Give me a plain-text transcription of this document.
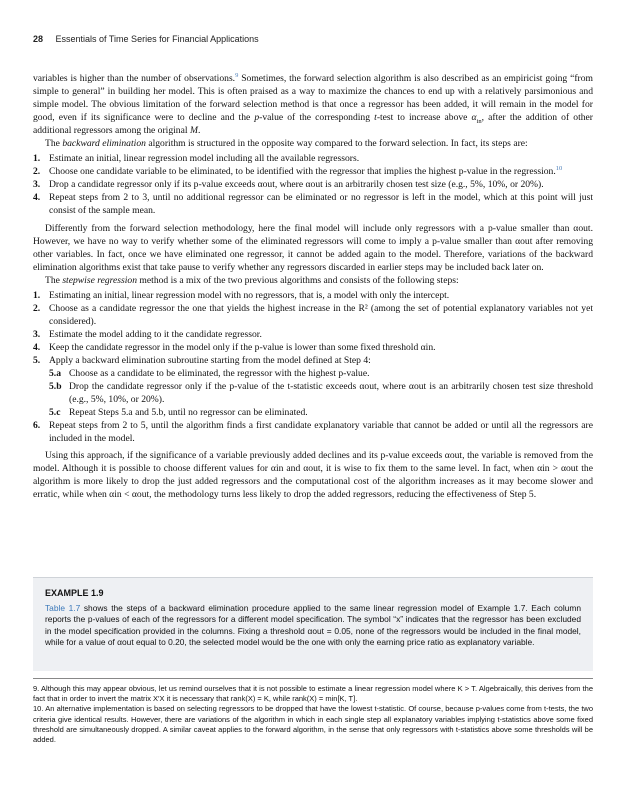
28 Essentials of Time Series for Financial Applications

variables is higher than the number of observations.$^9$ Sometimes, the forward selection algorithm is also described as an empiricist going “from simple to general” in building her model. This is often praised as a way to maximize the chances to end up with a relatively parsimonious and simple model. The obvious limitation of the forward selection method is that once a regressor has been added, it will remain in the model for good, even if its significance were to decline and the p-value of the corresponding t-test to increase above $\alpha_{in}$, after the addition of other additional regressors among the original M.

The backward elimination algorithm is structured in the opposite way compared to the forward selection. In fact, its steps are:

1. Estimate an initial, linear regression model including all the available regressors.
2. Choose one candidate variable to be eliminated, to be identified with the regressor that implies the highest p-value in the regression.$^{10}$
3. Drop a candidate regressor only if its p-value exceeds αout, where αout is an arbitrarily chosen test size (e.g., 5%, 10%, or 20%).
4. Repeat steps from 2 to 3, until no additional regressor can be eliminated or no regressor is left in the model, which at this point will just consist of the sample mean.

Differently from the forward selection methodology, here the final model will include only regressors with a p-value smaller than αout. However, we have no way to verify whether some of the eliminated regressors will come to imply a p-value smaller than αout after removing other variables. In fact, once we have eliminated one regressor, it cannot be added again to the model. Therefore, variations of the backward elimination algorithms exist that take pause to verify whether any regressors discarded in earlier steps may be included back later on.

The stepwise regression method is a mix of the two previous algorithms and consists of the following steps:

1. Estimating an initial, linear regression model with no regressors, that is, a model with only the intercept.
2. Choose as a candidate regressor the one that yields the highest increase in the R² (among the set of potential explanatory variables not yet considered).
3. Estimate the model adding to it the candidate regressor.
4. Keep the candidate regressor in the model only if the p-value is lower than some fixed threshold αin.
5. Apply a backward elimination subroutine starting from the model defined at Step 4:
5.a Choose as a candidate to be eliminated, the regressor with the highest p-value.
5.b Drop the candidate regressor only if the p-value of the t-statistic exceeds αout, where αout is an arbitrarily chosen test size threshold (e.g., 5%, 10%, or 20%).
5.c Repeat Steps 5.a and 5.b, until no regressor can be eliminated.
6. Repeat steps from 2 to 5, until the algorithm finds a first candidate explanatory variable that cannot be added or until all the regressors are included in the model.

Using this approach, if the significance of a variable previously added declines and its p-value exceeds αout, the variable is removed from the model. Although it is possible to choose different values for αin and αout, it is wise to fix them to the same level. In fact, when αin > αout the algorithm is more likely to drop the just added regressors and the computational cost of the algorithm increases as it may become slower and erratic, while when αin < αout, the methodology turns less likely to drop the added regressors, reducing the effectiveness of Step 5.

EXAMPLE 1.9
Table 1.7 shows the steps of a backward elimination procedure applied to the same linear regression model of Example 1.7. Each column reports the p-values of each of the regressors for a different model specification. The symbol “x” indicates that the regressor has been excluded in the model specification provided in the columns. Fixing a threshold αout = 0.05, none of the regressors would be included in the final model, while for a value of αout equal to 0.20, the selected model would be the one with only the earning price ratio as explanatory variable.

9. Although this may appear obvious, let us remind ourselves that it is not possible to estimate a linear regression model where K > T. Algebraically, this derives from the fact that in order to invert the matrix X′X it is necessary that rank(X) = K, while rank(X) = min[K, T].

10. An alternative implementation is based on selecting regressors to be dropped that have the lowest t-statistic. Of course, because p-values come from t-tests, the two criteria give identical results. However, there are variations of the algorithm in which in each single step all explanatory variables implying t-statistics above some fixed threshold are simultaneously dropped. A similar caveat applies to the forward algorithm, in the sense that only regressors with t-statistics above some thresholds will be added.
